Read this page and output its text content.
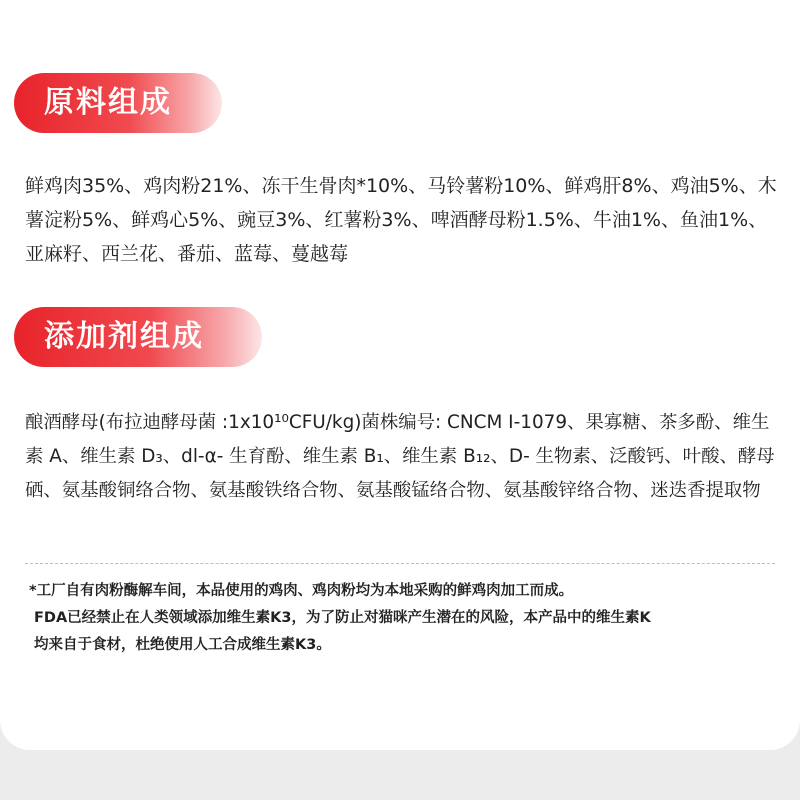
原料组成

鲜鸡肉35%、鸡肉粉21%、冻干生骨肉*10%、马铃薯粉10%、鲜鸡肝8%、鸡油5%、木薯淀粉5%、鲜鸡心5%、豌豆3%、红薯粉3%、啤酒酵母粉1.5%、牛油1%、鱼油1%、亚麻籽、西兰花、番茄、蓝莓、蔓越莓

添加剂组成

酿酒酵母(布拉迪酵母菌 :1x10¹⁰CFU/kg)菌株编号: CNCM I-1079、果寡糖、茶多酚、维生素 A、维生素 D₃、dl-α- 生育酚、维生素 B₁、维生素 B₁₂、D- 生物素、泛酸钙、叶酸、酵母硒、氨基酸铜络合物、氨基酸铁络合物、氨基酸锰络合物、氨基酸锌络合物、迷迭香提取物

*工厂自有肉粉酶解车间，本品使用的鸡肉、鸡肉粉均为本地采购的鲜鸡肉加工而成。

FDA已经禁止在人类领域添加维生素K3，为了防止对猫咪产生潜在的风险，本产品中的维生素K

均来自于食材，杜绝使用人工合成维生素K3。
